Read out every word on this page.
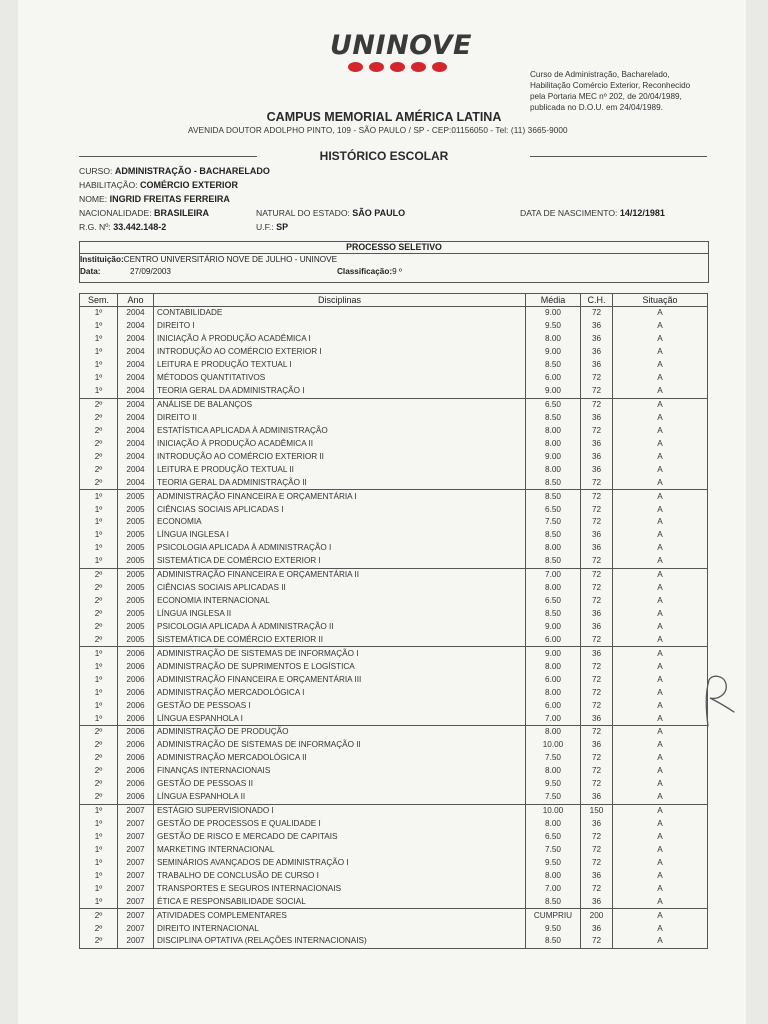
UNINOVE
Curso de Administração, Bacharelado,
Habilitação Comércio Exterior, Reconhecido
pela Portaria MEC nº 202, de 20/04/1989,
publicada no D.O.U. em 24/04/1989.
CAMPUS MEMORIAL AMÉRICA LATINA
AVENIDA DOUTOR ADOLPHO PINTO, 109 - SÃO PAULO / SP - CEP:01156050 - Tel: (11) 3665-9000
HISTÓRICO ESCOLAR
CURSO: ADMINISTRAÇÃO - BACHARELADO
HABILITAÇÃO: COMÉRCIO EXTERIOR
NOME: INGRID FREITAS FERREIRA
NACIONALIDADE: BRASILEIRA	NATURAL DO ESTADO: SÃO PAULO	DATA DE NASCIMENTO: 14/12/1981
R.G. Nº: 33.442.148-2	U.F.: SP
PROCESSO SELETIVO
Instituição:CENTRO UNIVERSITÁRIO NOVE DE JULHO - UNINOVE
Data:	27/09/2003	Classificação:9 º
Sem.	Ano	Disciplinas	Média	C.H.	Situação
1º	2004	CONTABILIDADE	9.00	72	A
1º	2004	DIREITO I	9.50	36	A
1º	2004	INICIAÇÃO À PRODUÇÃO ACADÊMICA I	8.00	36	A
1º	2004	INTRODUÇÃO AO COMÉRCIO EXTERIOR I	9.00	36	A
1º	2004	LEITURA E PRODUÇÃO TEXTUAL I	8.50	36	A
1º	2004	MÉTODOS QUANTITATIVOS	6.00	72	A
1º	2004	TEORIA GERAL DA ADMINISTRAÇÃO I	9.00	72	A
2º	2004	ANÁLISE DE BALANÇOS	6.50	72	A
2º	2004	DIREITO II	8.50	36	A
2º	2004	ESTATÍSTICA APLICADA À ADMINISTRAÇÃO	8.00	72	A
2º	2004	INICIAÇÃO À PRODUÇÃO ACADÊMICA II	8.00	36	A
2º	2004	INTRODUÇÃO AO COMÉRCIO EXTERIOR II	9.00	36	A
2º	2004	LEITURA E PRODUÇÃO TEXTUAL II	8.00	36	A
2º	2004	TEORIA GERAL DA ADMINISTRAÇÃO II	8.50	72	A
1º	2005	ADMINISTRAÇÃO FINANCEIRA E ORÇAMENTÁRIA I	8.50	72	A
1º	2005	CIÊNCIAS SOCIAIS APLICADAS I	6.50	72	A
1º	2005	ECONOMIA	7.50	72	A
1º	2005	LÍNGUA INGLESA I	8.50	36	A
1º	2005	PSICOLOGIA APLICADA À ADMINISTRAÇÃO I	8.00	36	A
1º	2005	SISTEMÁTICA DE COMÉRCIO EXTERIOR I	8.50	72	A
2º	2005	ADMINISTRAÇÃO FINANCEIRA E ORÇAMENTÁRIA II	7.00	72	A
2º	2005	CIÊNCIAS SOCIAIS APLICADAS II	8.00	72	A
2º	2005	ECONOMIA INTERNACIONAL	6.50	72	A
2º	2005	LÍNGUA INGLESA II	8.50	36	A
2º	2005	PSICOLOGIA APLICADA À ADMINISTRAÇÃO II	9.00	36	A
2º	2005	SISTEMÁTICA DE COMÉRCIO EXTERIOR II	6.00	72	A
1º	2006	ADMINISTRAÇÃO DE SISTEMAS DE INFORMAÇÃO I	9.00	36	A
1º	2006	ADMINISTRAÇÃO DE SUPRIMENTOS E LOGÍSTICA	8.00	72	A
1º	2006	ADMINISTRAÇÃO FINANCEIRA E ORÇAMENTÁRIA III	6.00	72	A
1º	2006	ADMINISTRAÇÃO MERCADOLÓGICA I	8.00	72	A
1º	2006	GESTÃO DE PESSOAS I	6.00	72	A
1º	2006	LÍNGUA ESPANHOLA I	7.00	36	A
2º	2006	ADMINISTRAÇÃO DE PRODUÇÃO	8.00	72	A
2º	2006	ADMINISTRAÇÃO DE SISTEMAS DE INFORMAÇÃO II	10.00	36	A
2º	2006	ADMINISTRAÇÃO MERCADOLÓGICA II	7.50	72	A
2º	2006	FINANÇAS INTERNACIONAIS	8.00	72	A
2º	2006	GESTÃO DE PESSOAS II	9.50	72	A
2º	2006	LÍNGUA ESPANHOLA II	7.50	36	A
1º	2007	ESTÁGIO SUPERVISIONADO I	10.00	150	A
1º	2007	GESTÃO DE PROCESSOS E QUALIDADE I	8.00	36	A
1º	2007	GESTÃO DE RISCO E MERCADO DE CAPITAIS	6.50	72	A
1º	2007	MARKETING INTERNACIONAL	7.50	72	A
1º	2007	SEMINÁRIOS AVANÇADOS DE ADMINISTRAÇÃO I	9.50	72	A
1º	2007	TRABALHO DE CONCLUSÃO DE CURSO I	8.00	36	A
1º	2007	TRANSPORTES E SEGUROS INTERNACIONAIS	7.00	72	A
1º	2007	ÉTICA E RESPONSABILIDADE SOCIAL	8.50	36	A
2º	2007	ATIVIDADES COMPLEMENTARES	CUMPRIU	200	A
2º	2007	DIREITO INTERNACIONAL	9.50	36	A
2º	2007	DISCIPLINA OPTATIVA (RELAÇÕES INTERNACIONAIS)	8.50	72	A
